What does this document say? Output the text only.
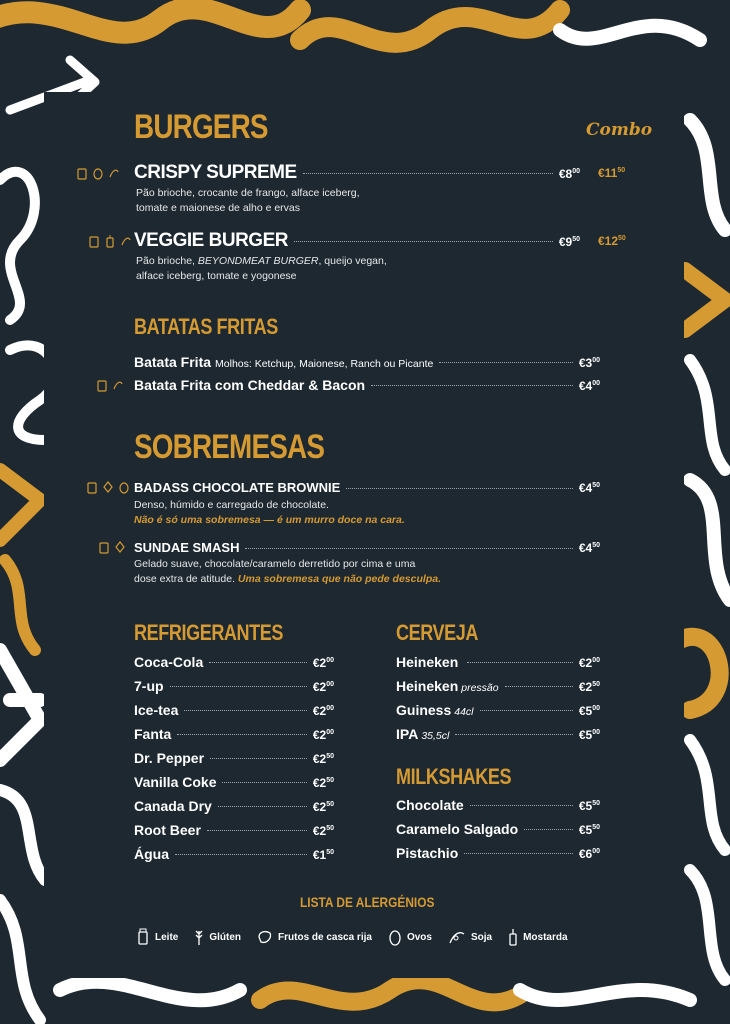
BURGERS	Combo
CRISPY SUPREME	$€8^{00}$ $€11^{50}$
Pão brioche, crocante de frango, alface iceberg,
tomate e maionese de alho e ervas
VEGGIE BURGER	$€9^{50}$ $€12^{50}$
Pão brioche, BEYONDMEAT BURGER, queijo vegan,
alface iceberg, tomate e yogonese
BATATAS FRITAS
Batata Frita Molhos: Ketchup, Maionese, Ranch ou Picante	$€3^{00}$
Batata Frita com Cheddar & Bacon	$€4^{00}$
SOBREMESAS
BADASS CHOCOLATE BROWNIE	$€4^{50}$
Denso, húmido e carregado de chocolate.
Não é só uma sobremesa — é um murro doce na cara.
SUNDAE SMASH	$€4^{50}$
Gelado suave, chocolate/caramelo derretido por cima e uma
dose extra de atitude. Uma sobremesa que não pede desculpa.
REFRIGERANTES
Coca-Cola	$€2^{00}$
7-up	$€2^{00}$
Ice-tea	$€2^{00}$
Fanta	$€2^{00}$
Dr. Pepper	$€2^{50}$
Vanilla Coke	$€2^{50}$
Canada Dry	$€2^{50}$
Root Beer	$€2^{50}$
Água	$€1^{50}$
CERVEJA
Heineken	$€2^{00}$
Heineken pressão	$€2^{50}$
Guiness 44cl	$€5^{00}$
IPA 35,5cl	$€5^{00}$
MILKSHAKES
Chocolate	$€5^{50}$
Caramelo Salgado	$€5^{50}$
Pistachio	$€6^{00}$
LISTA DE ALERGÉNIOS
Leite	Glúten	Frutos de casca rija	Ovos	Soja	Mostarda
